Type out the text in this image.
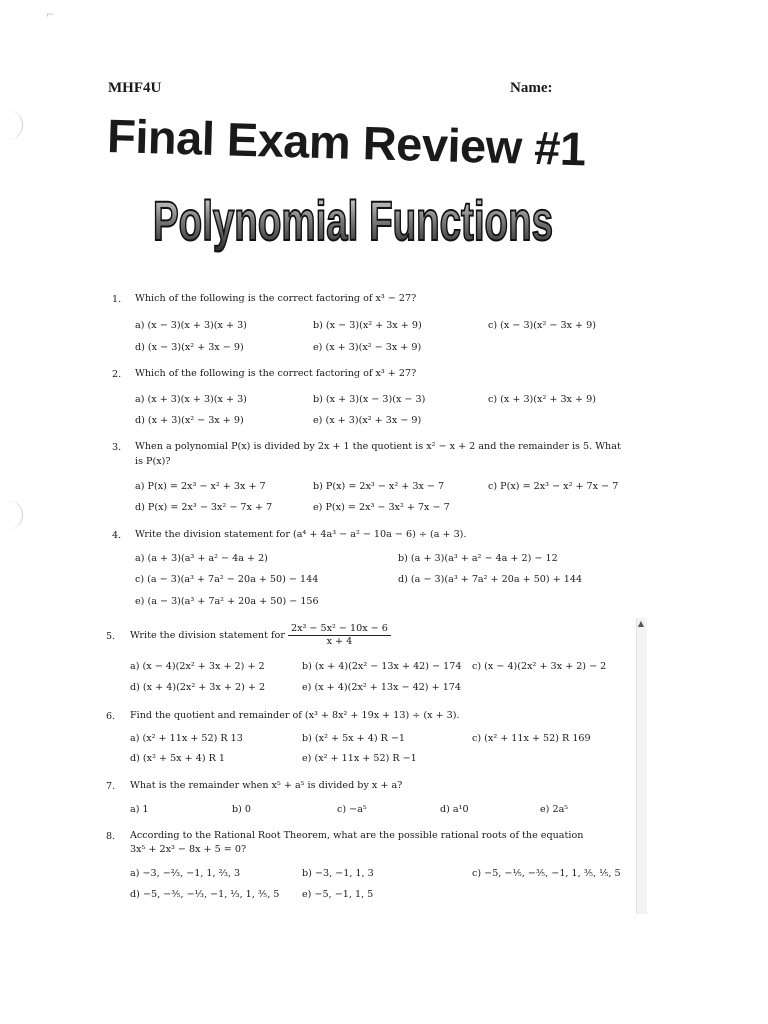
⌐
▲
MHF4U	Name:
Final Exam Review #1
Polynomial Functions
1. Which of the following is the correct factoring of x³ − 27?
a) (x − 3)(x + 3)(x + 3)	b) (x − 3)(x² + 3x + 9)	c) (x − 3)(x² − 3x + 9)
d) (x − 3)(x² + 3x − 9)	e) (x + 3)(x² − 3x + 9)
2. Which of the following is the correct factoring of x³ + 27?
a) (x + 3)(x + 3)(x + 3)	b) (x + 3)(x − 3)(x − 3)	c) (x + 3)(x² + 3x + 9)
d) (x + 3)(x² − 3x + 9)	e) (x + 3)(x² + 3x − 9)
3. When a polynomial P(x) is divided by 2x + 1 the quotient is x² − x + 2 and the remainder is 5. What
is P(x)?
a) P(x) = 2x³ − x² + 3x + 7	b) P(x) = 2x³ − x² + 3x − 7	c) P(x) = 2x³ − x² + 7x − 7
d) P(x) = 2x³ − 3x² − 7x + 7	e) P(x) = 2x³ − 3x² + 7x − 7
4. Write the division statement for (a⁴ + 4a³ − a² − 10a − 6) ÷ (a + 3).
a) (a + 3)(a³ + a² − 4a + 2)	b) (a + 3)(a³ + a² − 4a + 2) − 12
c) (a − 3)(a³ + 7a² − 20a + 50) − 144	d) (a − 3)(a³ + 7a² + 20a + 50) + 144
e) (a − 3)(a³ + 7a² + 20a + 50) − 156
5. Write the division statement for $\frac{\text{2x³ − 5x² − 10x − 6}}{x + 4}$
a) (x − 4)(2x² + 3x + 2) + 2	b) (x + 4)(2x² − 13x + 42) − 174 c) (x − 4)(2x² + 3x + 2) − 2
d) (x + 4)(2x² + 3x + 2) + 2	e) (x + 4)(2x² + 13x − 42) + 174
6. Find the quotient and remainder of (x³ + 8x² + 19x + 13) ÷ (x + 3).
a) (x² + 11x + 52) R 13	b) (x² + 5x + 4) R −1	c) (x² + 11x + 52) R 169
d) (x² + 5x + 4) R 1	e) (x² + 11x + 52) R −1
7. What is the remainder when x⁵ + a⁵ is divided by x + a?
a) 1	b) 0	c) −a⁵	d) a¹0	e) 2a⁵
8. According to the Rational Root Theorem, what are the possible rational roots of the equation
3x⁵ + 2x³ − 8x + 5 = 0?
a) −3, −⅔, −1, 1, ⅔, 3	b) −3, −1, 1, 3	c) −5, −⅕, −⅗, −1, 1, ⅗, ⅕, 5
d) −5, −⅗, −⅓, −1, ⅓, 1, ⅗, 5 e) −5, −1, 1, 5
